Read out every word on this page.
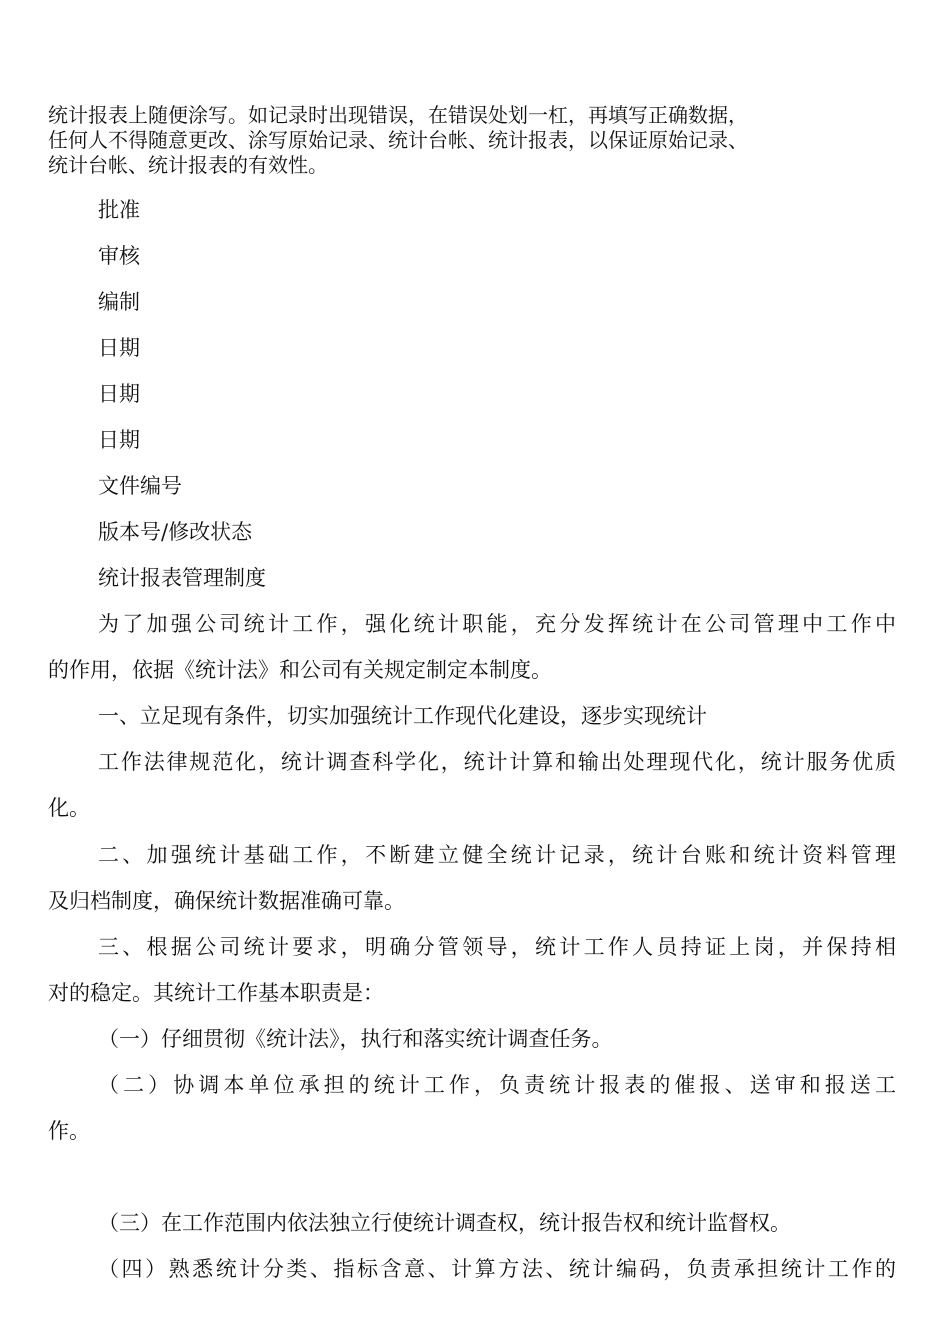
统计报表上随便涂写。如记录时出现错误，在错误处划一杠，再填写正确数据，

任何人不得随意更改、涂写原始记录、统计台帐、统计报表，以保证原始记录、

统计台帐、统计报表的有效性。

批准
审核
编制
日期
日期
日期
文件编号
版本号/修改状态
统计报表管理制度
为了加强公司统计工作，强化统计职能，充分发挥统计在公司管理中工作中
的作用，依据《统计法》和公司有关规定制定本制度。
一、立足现有条件，切实加强统计工作现代化建设，逐步实现统计
工作法律规范化，统计调查科学化，统计计算和输出处理现代化，统计服务优质
化。
二、加强统计基础工作，不断建立健全统计记录，统计台账和统计资料管理
及归档制度，确保统计数据准确可靠。
三、根据公司统计要求，明确分管领导，统计工作人员持证上岗，并保持相
对的稳定。其统计工作基本职责是：
（一）仔细贯彻《统计法》，执行和落实统计调查任务。
（二）协调本单位承担的统计工作，负责统计报表的催报、送审和报送工
作。
（三）在工作范围内依法独立行使统计调查权，统计报告权和统计监督权。
（四）熟悉统计分类、指标含意、计算方法、统计编码，负责承担统计工作的
